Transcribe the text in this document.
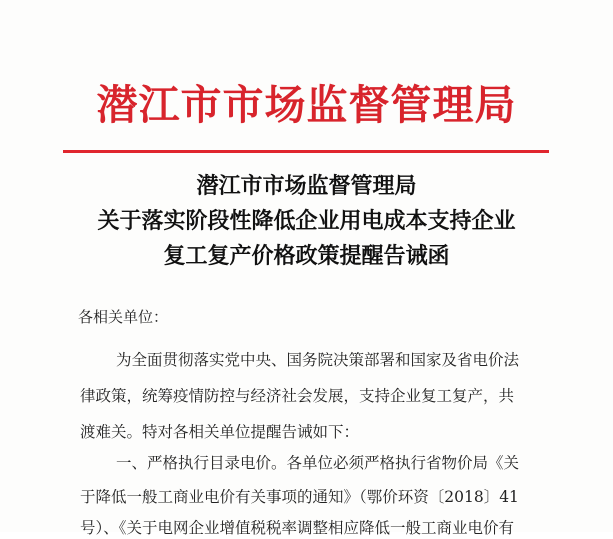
潜江市市场监督管理局
潜江市市场监督管理局
关于落实阶段性降低企业用电成本支持企业
复工复产价格政策提醒告诫函
各相关单位：
为全面贯彻落实党中央、国务院决策部署和国家及省电价法
律政策，统筹疫情防控与经济社会发展，支持企业复工复产，共
渡难关。特对各相关单位提醒告诫如下：
一、严格执行目录电价。各单位必须严格执行省物价局《关
于降低一般工商业电价有关事项的通知》（鄂价环资〔2018〕41
号）、《关于电网企业增值税税率调整相应降低一般工商业电价有
